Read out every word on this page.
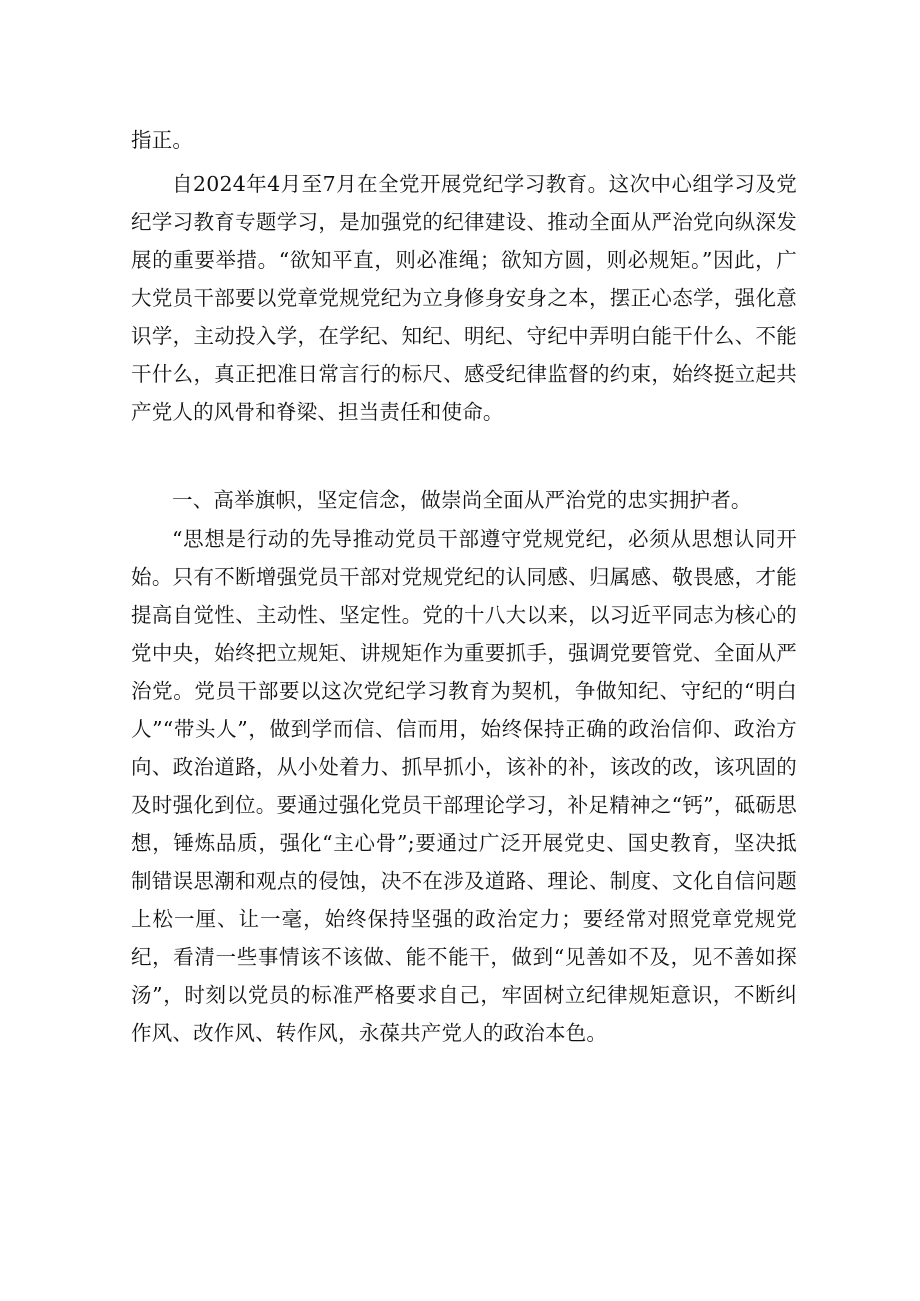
指正。

自2024年4月至7月在全党开展党纪学习教育。这次中心组学习及党纪学习教育专题学习，是加强党的纪律建设、推动全面从严治党向纵深发展的重要举措。“欲知平直，则必准绳；欲知方圆，则必规矩。”因此，广大党员干部要以党章党规党纪为立身修身安身之本，摆正心态学，强化意识学，主动投入学，在学纪、知纪、明纪、守纪中弄明白能干什么、不能干什么，真正把准日常言行的标尺、感受纪律监督的约束，始终挺立起共产党人的风骨和脊梁、担当责任和使命。

一、高举旗帜，坚定信念，做崇尚全面从严治党的忠实拥护者。

“思想是行动的先导推动党员干部遵守党规党纪，必须从思想认同开始。只有不断增强党员干部对党规党纪的认同感、归属感、敬畏感，才能提高自觉性、主动性、坚定性。党的十八大以来，以习近平同志为核心的党中央，始终把立规矩、讲规矩作为重要抓手，强调党要管党、全面从严治党。党员干部要以这次党纪学习教育为契机，争做知纪、守纪的“明白人”“带头人”，做到学而信、信而用，始终保持正确的政治信仰、政治方向、政治道路，从小处着力、抓早抓小，该补的补，该改的改，该巩固的及时强化到位。要通过强化党员干部理论学习，补足精神之“钙”，砥砺思想，锤炼品质，强化“主心骨”;要通过广泛开展党史、国史教育，坚决抵制错误思潮和观点的侵蚀，决不在涉及道路、理论、制度、文化自信问题上松一厘、让一毫，始终保持坚强的政治定力；要经常对照党章党规党纪，看清一些事情该不该做、能不能干，做到“见善如不及，见不善如探汤”，时刻以党员的标准严格要求自己，牢固树立纪律规矩意识，不断纠作风、改作风、转作风，永葆共产党人的政治本色。
